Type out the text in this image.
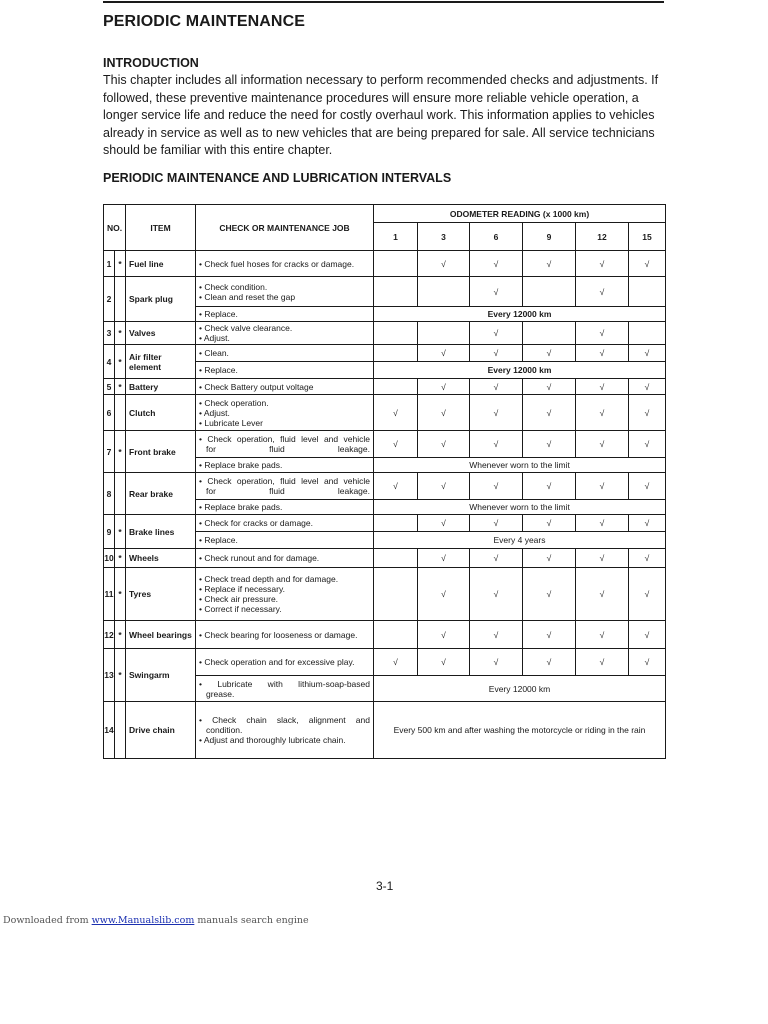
PERIODIC MAINTENANCE
INTRODUCTION

This chapter includes all information necessary to perform recommended checks and adjustments. If followed, these preventive maintenance procedures will ensure more reliable vehicle operation, a longer service life and reduce the need for costly overhaul work. This information applies to vehicles already in service as well as to new vehicles that are being prepared for sale. All service technicians should be familiar with this entire chapter.

PERIODIC MAINTENANCE AND LUBRICATION INTERVALS
NO.		ITEM	CHECK OR MAINTENANCE JOB	ODOMETER READING (x 1000 km)					
				1	3	6	9	12	15
1	*	Fuel line	• Check fuel hoses for cracks or damage.		√	√	√	√	√
2		Spark plug	• Check condition.
• Clean and reset the gap			√		√	

			• Replace.	Every 12000 km					
3	*	Valves	• Check valve clearance.
• Adjust.			√		√	
4	*	Air filter element	• Clean.		√	√	√	√	√

			• Replace.	Every 12000 km					
5	*	Battery	• Check Battery output voltage		√	√	√	√	√
6		Clutch	• Check operation.
• Adjust.
• Lubricate Lever	√	√	√	√	√	√
7	*	Front brake	• Check operation, fluid level and vehicle
for fluid leakage.	√	√	√	√	√	√

			• Replace brake pads.	Whenever worn to the limit					
8		Rear brake	• Check operation, fluid level and vehicle
for fluid leakage.	√	√	√	√	√	√

			• Replace brake pads.	Whenever worn to the limit					
9	*	Brake lines	• Check for cracks or damage.		√	√	√	√	√

			• Replace.	Every 4 years					
10	*	Wheels	• Check runout and for damage.		√	√	√	√	√
11	*	Tyres	• Check tread depth and for damage.
• Replace if necessary.
• Check air pressure.
• Correct if necessary.		√	√	√	√	√
12	*	Wheel bearings	• Check bearing for looseness or damage.		√	√	√	√	√
13	*	Swingarm	• Check operation and for excessive play.	√	√	√	√	√	√

			• Lubricate with lithium-soap-based
grease.	Every 12000 km					
14		Drive chain	• Check chain slack, alignment and
condition.
• Adjust and thoroughly lubricate chain.	Every 500 km and after washing the motorcycle or riding in the rain					
3-1
Downloaded from www.Manualslib.com manuals search engine
